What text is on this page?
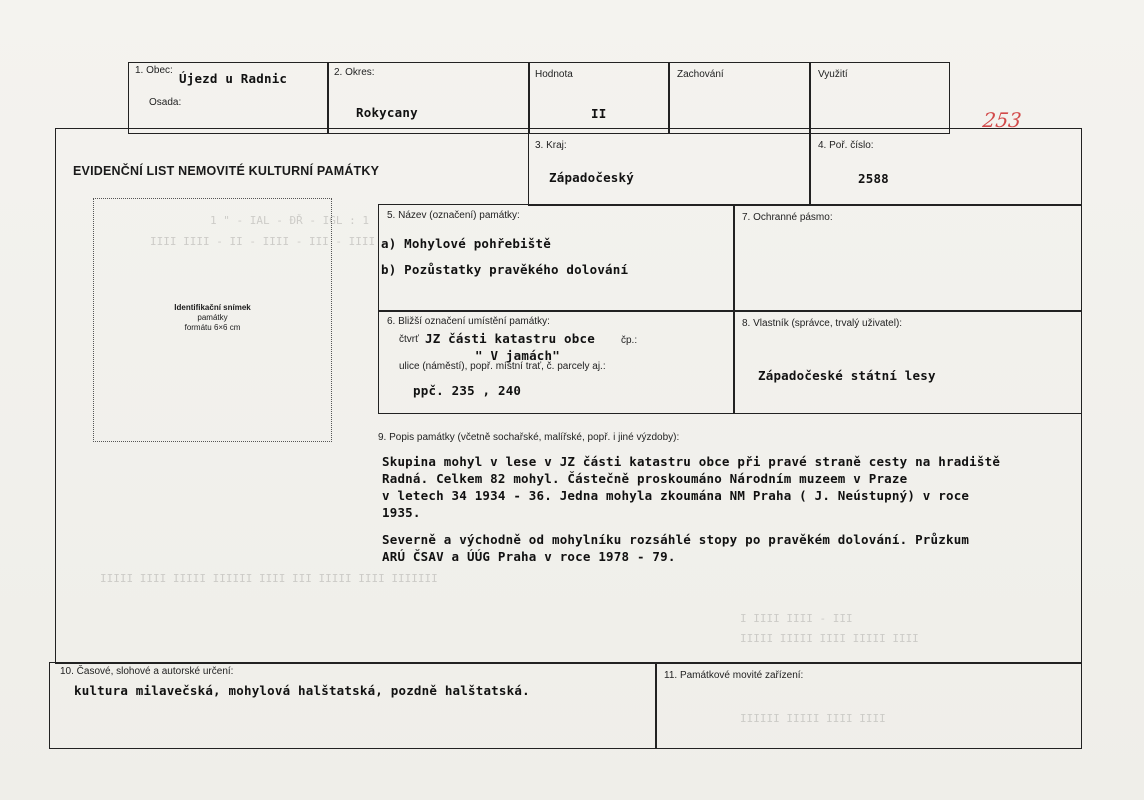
1 " - IAL - ĐŘ - IGL : 1
IIII IIII - II - IIII - III - IIII
IIIII IIII IIIII IIIIII IIII III IIIII IIII IIIIIII
I IIII IIII - III
IIIII IIIII IIII IIIII IIII
IIIIII IIIII IIII IIII
1. Obec:
Újezd u Radnic
Osada:
2. Okres:
Rokycany
Hodnota
II
Zachování	Využití
253
EVIDENČNÍ LIST NEMOVITÉ KULTURNÍ PAMÁTKY
3. Kraj:
Západočeský
4. Poř. číslo:
2588
Identifikační snímek
památky
formátu 6×6 cm
5. Název (označení) památky:
a) Mohylové pohřebiště
b) Pozůstatky pravěkého dolování
7. Ochranné pásmo:
6. Bližší označení umístění památky:
čtvrť JZ části katastru obce	čp.:
" V jamách"
ulice (náměstí), popř. místní trať, č. parcely aj.:
ppč. 235 , 240
8. Vlastník (správce, trvalý uživatel):
Západočeské státní lesy
9. Popis památky (včetně sochařské, malířské, popř. i jiné výzdoby):
Skupina mohyl v lese v JZ části katastru obce při pravé straně cesty na hradiště
Radná. Celkem 82 mohyl. Částečně proskoumáno Národním muzeem v Praze
v letech 34 1934 - 36. Jedna mohyla zkoumána NM Praha ( J. Neústupný) v roce
1935.
Severně a východně od mohylníku rozsáhlé stopy po pravěkém dolování. Průzkum
ARÚ ČSAV a ÚÚG Praha v roce 1978 - 79.
10. Časové, slohové a autorské určení:
kultura milavečská, mohylová halštatská, pozdně halštatská.
11. Památkové movité zařízení:
